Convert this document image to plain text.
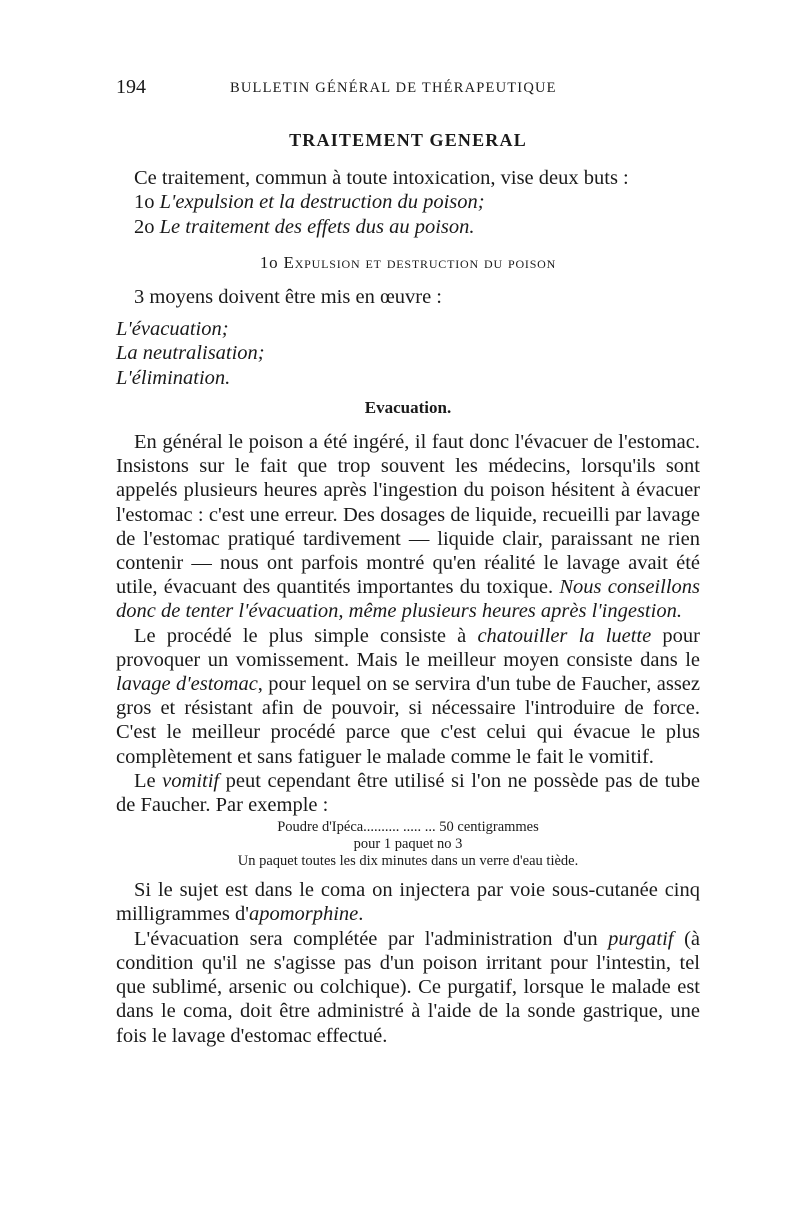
194	BULLETIN GÉNÉRAL DE THÉRAPEUTIQUE
TRAITEMENT GENERAL

Ce traitement, commun à toute intoxication, vise deux buts :

1o L'expulsion et la destruction du poison;

2o Le traitement des effets dus au poison.

1o Expulsion et destruction du poison

3 moyens doivent être mis en œuvre :

L'évacuation;

La neutralisation;

L'élimination.

Evacuation.

En général le poison a été ingéré, il faut donc l'évacuer de l'estomac. Insistons sur le fait que trop souvent les médecins, lorsqu'ils sont appelés plusieurs heures après l'ingestion du poison hésitent à évacuer l'estomac : c'est une erreur. Des dosages de liquide, recueilli par lavage de l'estomac pratiqué tardivement — liquide clair, paraissant ne rien contenir — nous ont parfois montré qu'en réalité le lavage avait été utile, évacuant des quantités importantes du toxique. Nous conseillons donc de tenter l'évacuation, même plusieurs heures après l'ingestion.

Le procédé le plus simple consiste à chatouiller la luette pour provoquer un vomissement. Mais le meilleur moyen consiste dans le lavage d'estomac, pour lequel on se servira d'un tube de Faucher, assez gros et résistant afin de pouvoir, si nécessaire l'introduire de force. C'est le meilleur procédé parce que c'est celui qui évacue le plus complètement et sans fatiguer le malade comme le fait le vomitif.

Le vomitif peut cependant être utilisé si l'on ne possède pas de tube de Faucher. Par exemple :

Poudre d'Ipéca.......... ..... ... 50 centigrammes
pour 1 paquet no 3
Un paquet toutes les dix minutes dans un verre d'eau tiède.

Si le sujet est dans le coma on injectera par voie sous-cutanée cinq milligrammes d'apomorphine.

L'évacuation sera complétée par l'administration d'un purgatif (à condition qu'il ne s'agisse pas d'un poison irritant pour l'intestin, tel que sublimé, arsenic ou colchique). Ce purgatif, lorsque le malade est dans le coma, doit être administré à l'aide de la sonde gastrique, une fois le lavage d'estomac effectué.
